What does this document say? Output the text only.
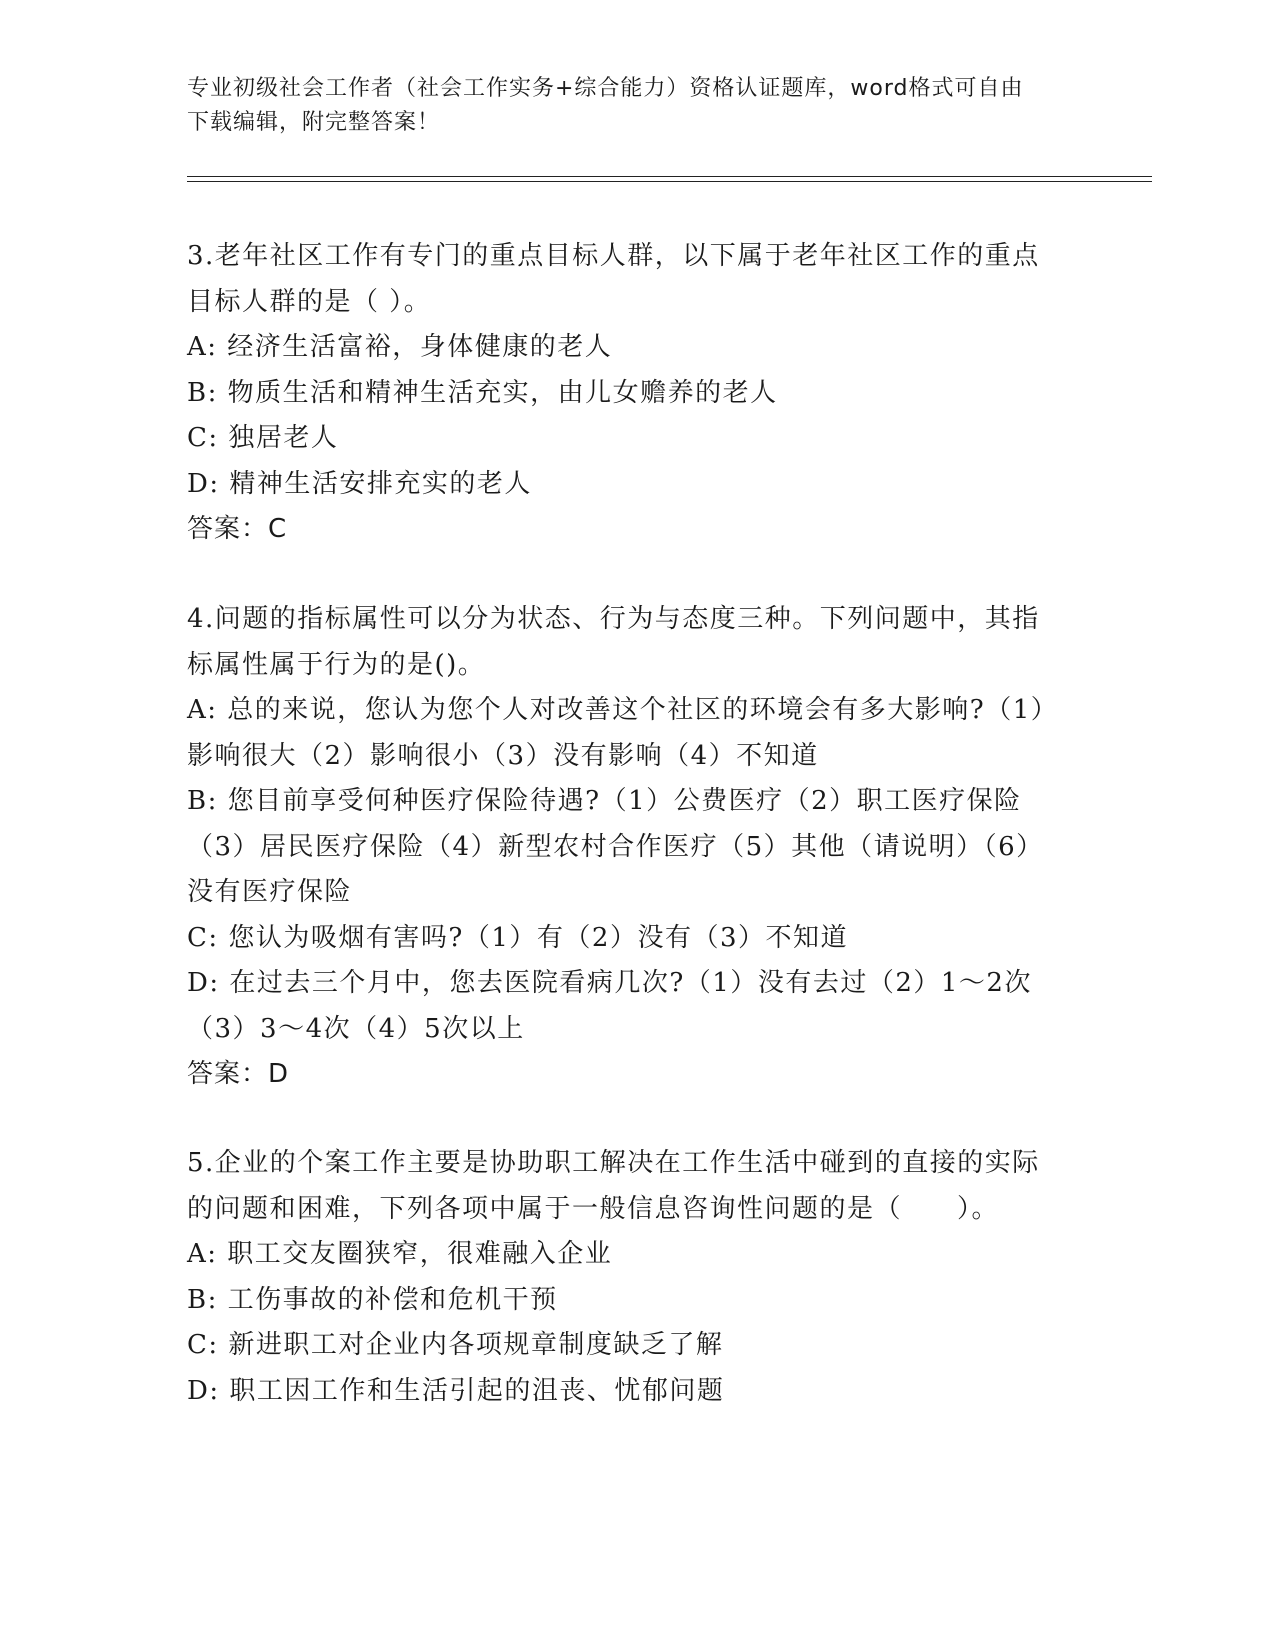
专业初级社会工作者（社会工作实务+综合能力）资格认证题库，word格式可自由
下载编辑，附完整答案！
3.老年社区工作有专门的重点目标人群，以下属于老年社区工作的重点目标人群的是（ ）。
A: 经济生活富裕，身体健康的老人
B: 物质生活和精神生活充实，由儿女赡养的老人
C: 独居老人
D: 精神生活安排充实的老人
答案：C
4.问题的指标属性可以分为状态、行为与态度三种。下列问题中，其指标属性属于行为的是()。
A: 总的来说，您认为您个人对改善这个社区的环境会有多大影响?（1）影响很大（2）影响很小（3）没有影响（4）不知道
B: 您目前享受何种医疗保险待遇?（1）公费医疗（2）职工医疗保险（3）居民医疗保险（4）新型农村合作医疗（5）其他（请说明）（6）没有医疗保险
C: 您认为吸烟有害吗?（1）有（2）没有（3）不知道
D: 在过去三个月中，您去医院看病几次?（1）没有去过（2）1～2次（3）3～4次（4）5次以上
答案：D
5.企业的个案工作主要是协助职工解决在工作生活中碰到的直接的实际的问题和困难，下列各项中属于一般信息咨询性问题的是（　　）。
A: 职工交友圈狭窄，很难融入企业
B: 工伤事故的补偿和危机干预
C: 新进职工对企业内各项规章制度缺乏了解
D: 职工因工作和生活引起的沮丧、忧郁问题
